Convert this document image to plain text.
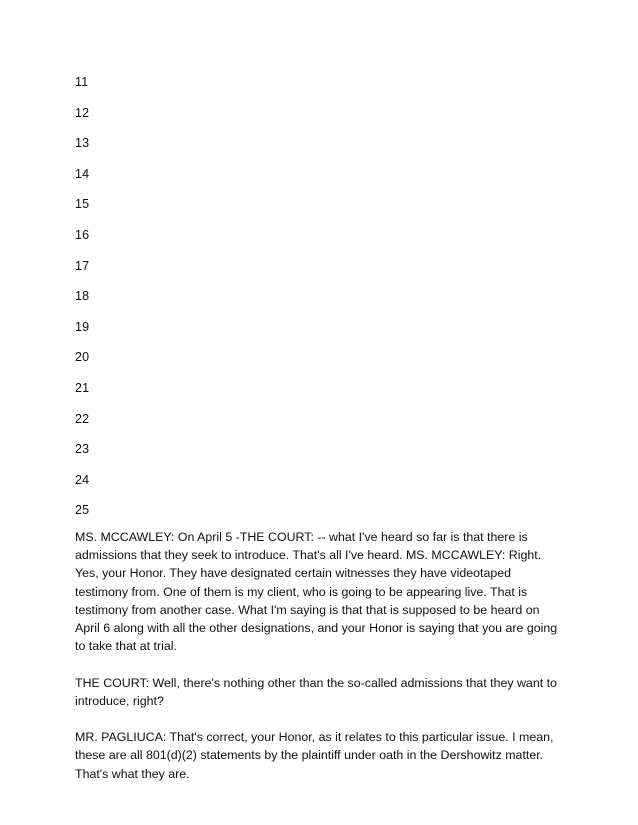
11
12
13
14
15
16
17
18
19
20
21
22
23
24
25

MS. MCCAWLEY: On April 5 -THE COURT: -- what I've heard so far is that there is admissions that they seek to introduce. That's all I've heard. MS. MCCAWLEY: Right. Yes, your Honor. They have designated certain witnesses they have videotaped testimony from. One of them is my client, who is going to be appearing live. That is testimony from another case. What I'm saying is that that is supposed to be heard on April 6 along with all the other designations, and your Honor is saying that you are going to take that at trial.

THE COURT: Well, there's nothing other than the so-called admissions that they want to introduce, right?

MR. PAGLIUCA: That's correct, your Honor, as it relates to this particular issue. I mean, these are all 801(d)(2) statements by the plaintiff under oath in the Dershowitz matter. That's what they are.
